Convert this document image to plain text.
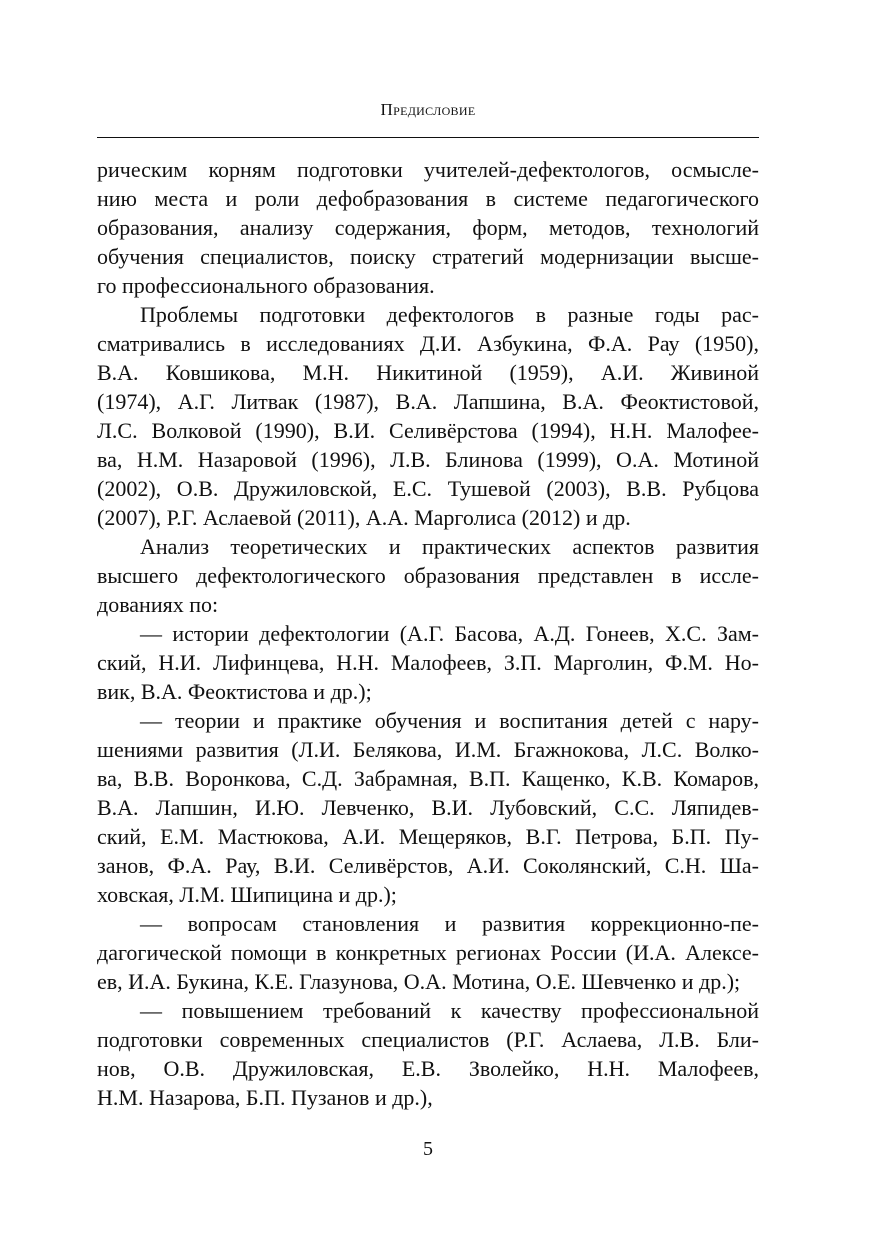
Предисловие
рическим корням подготовки учителей-дефектологов, осмысле-
нию места и роли дефобразования в системе педагогического
образования, анализу содержания, форм, методов, технологий
обучения специалистов, поиску стратегий модернизации высше-
го профессионального образования.
Проблемы подготовки дефектологов в разные годы рас-
сматривались в исследованиях Д.И. Азбукина, Ф.А. Рау (1950),
В.А. Ковшикова, М.Н. Никитиной (1959), А.И. Живиной
(1974), А.Г. Литвак (1987), В.А. Лапшина, В.А. Феоктистовой,
Л.С. Волковой (1990), В.И. Селивёрстова (1994), Н.Н. Малофее-
ва, Н.М. Назаровой (1996), Л.В. Блинова (1999), О.А. Мотиной
(2002), О.В. Дружиловской, Е.С. Тушевой (2003), В.В. Рубцова
(2007), Р.Г. Аслаевой (2011), А.А. Марголиса (2012) и др.
Анализ теоретических и практических аспектов развития
высшего дефектологического образования представлен в иссле-
дованиях по:
— истории дефектологии (А.Г. Басова, А.Д. Гонеев, Х.С. Зам-
ский, Н.И. Лифинцева, Н.Н. Малофеев, З.П. Марголин, Ф.М. Но-
вик, В.А. Феоктистова и др.);
— теории и практике обучения и воспитания детей с нару-
шениями развития (Л.И. Белякова, И.М. Бгажнокова, Л.С. Волко-
ва, В.В. Воронкова, С.Д. Забрамная, В.П. Кащенко, К.В. Комаров,
В.А. Лапшин, И.Ю. Левченко, В.И. Лубовский, С.С. Ляпидев-
ский, Е.М. Мастюкова, А.И. Мещеряков, В.Г. Петрова, Б.П. Пу-
занов, Ф.А. Рау, В.И. Селивёрстов, А.И. Соколянский, С.Н. Ша-
ховская, Л.М. Шипицина и др.);
— вопросам становления и развития коррекционно-пе-
дагогической помощи в конкретных регионах России (И.А. Алексе-
ев, И.А. Букина, К.Е. Глазунова, О.А. Мотина, О.Е. Шевченко и др.);
— повышением требований к качеству профессиональной
подготовки современных специалистов (Р.Г. Аслаева, Л.В. Бли-
нов, О.В. Дружиловская, Е.В. Зволейко, Н.Н. Малофеев,
Н.М. Назарова, Б.П. Пузанов и др.),
5
